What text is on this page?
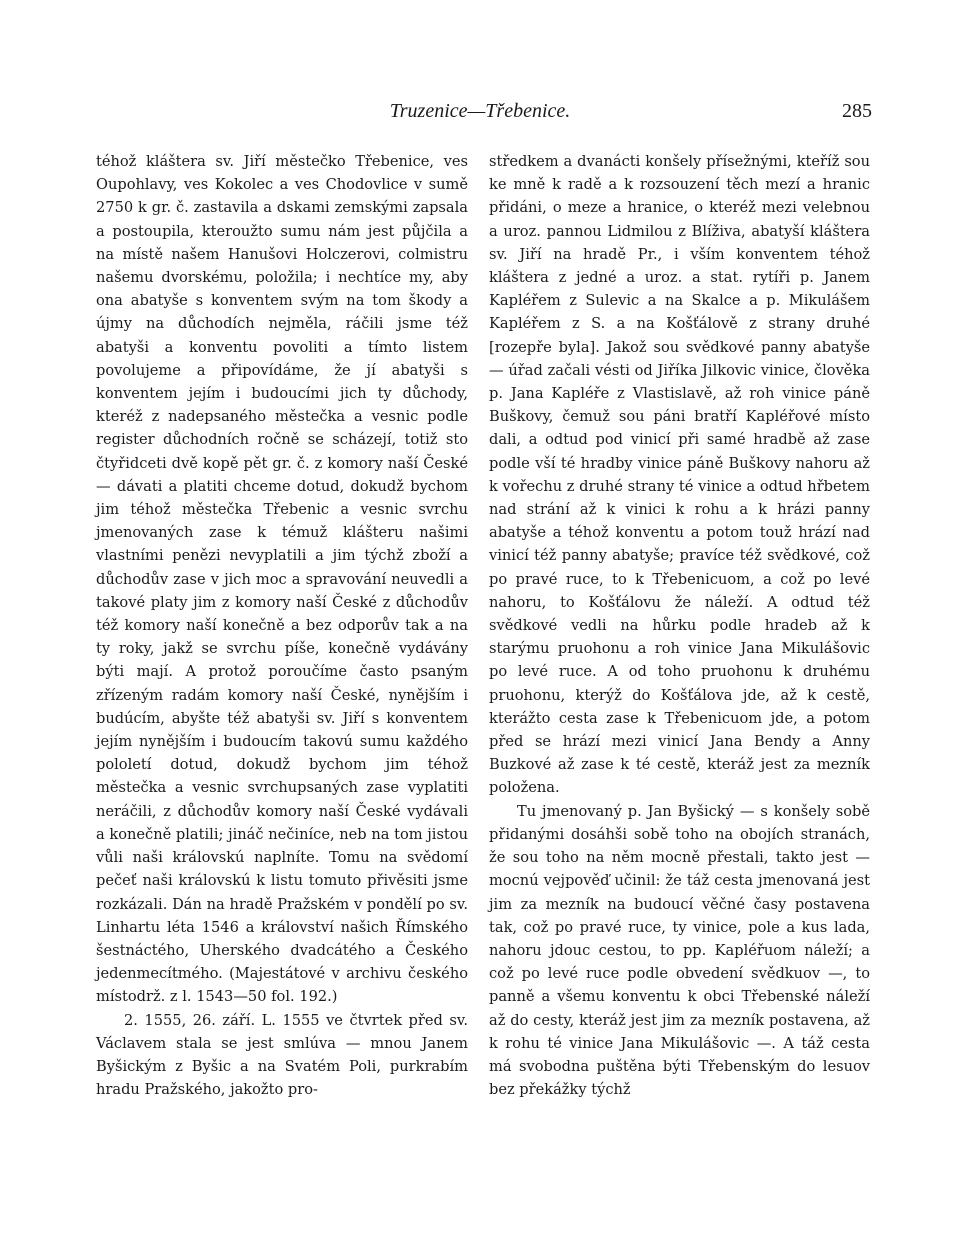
Truzenice—Třebenice.	285

téhož kláštera sv. Jiří městečko Třebenice, ves Oupohlavy, ves Kokolec a ves Chodovlice v sumě 2750 k gr. č. zastavila a dskami zemskými zapsala a postoupila, kteroužto sumu nám jest půjčila a na místě našem Hanušovi Holczerovi, colmistru našemu dvorskému, položila; i nechtíce my, aby ona abatyše s konventem svým na tom škody a újmy na důchodích nejměla, ráčili jsme též abatyši a konventu povoliti a tímto listem povolujeme a připovídáme, že jí abatyši s konventem jejím i budoucími jich ty důchody, kteréž z nadepsaného městečka a vesnic podle register důchodních ročně se scházejí, totiž sto čtyřidceti dvě kopě pět gr. č. z komory naší České — dávati a platiti chceme dotud, dokudž bychom jim téhož městečka Třebenic a vesnic svrchu jmenovaných zase k témuž klášteru našimi vlastními penězi nevyplatili a jim týchž zboží a důchodův zase v jich moc a spravování neuvedli a takové platy jim z komory naší České z důchodův též komory naší konečně a bez odporův tak a na ty roky, jakž se svrchu píše, konečně vydávány býti mají. A protož poroučíme často psaným zřízeným radám komory naší České, nynějším i budúcím, abyšte též abatyši sv. Jiří s konventem jejím nynějším i budoucím takovú sumu každého pololetí dotud, dokudž bychom jim téhož městečka a vesnic svrchupsaných zase vyplatiti neráčili, z důchodův komory naší České vydávali a konečně platili; jináč nečiníce, neb na tom jistou vůli naši královskú naplníte. Tomu na svědomí pečeť naši královskú k listu tomuto přivěsiti jsme rozkázali. Dán na hradě Pražském v pondělí po sv. Linhartu léta 1546 a království našich Římského šestnáctého, Uherského dvadcátého a Českého jedenmecítmého. (Majestátové v archivu českého místodrž. z l. 1543—50 fol. 192.)

2. 1555, 26. září. L. 1555 ve čtvrtek před sv. Václavem stala se jest smlúva — mnou Janem Byšickým z Byšic a na Svatém Poli, purkrabím hradu Pražského, jakožto pro-

středkem a dvanácti konšely přísežnými, kteříž sou ke mně k radě a k rozsouzení těch mezí a hranic přidáni, o meze a hranice, o kteréž mezi velebnou a uroz. pannou Lidmilou z Blíživa, abatyší kláštera sv. Jiří na hradě Pr., i vším konventem téhož kláštera z jedné a uroz. a stat. rytíři p. Janem Kapléřem z Sulevic a na Skalce a p. Mikulášem Kapléřem z S. a na Košťálově z strany druhé [rozepře byla]. Jakož sou svědkové panny abatyše — úřad začali vésti od Jiříka Jilkovic vinice, člověka p. Jana Kapléře z Vlastislavě, až roh vinice páně Buškovy, čemuž sou páni bratří Kapléřové místo dali, a odtud pod vinicí při samé hradbě až zase podle vší té hradby vinice páně Buškovy nahoru až k vořechu z druhé strany té vinice a odtud hřbetem nad strání až k vinici k rohu a k hrázi panny abatyše a téhož konventu a potom touž hrází nad vinicí též panny abatyše; pravíce též svědkové, což po pravé ruce, to k Třebenicuom, a což po levé nahoru, to Košťálovu že náleží. A odtud též svědkové vedli na hůrku podle hradeb až k starýmu pruohonu a roh vinice Jana Mikulášovic po levé ruce. A od toho pruohonu k druhému pruohonu, kterýž do Košťálova jde, až k cestě, kterážto cesta zase k Třebenicuom jde, a potom před se hrází mezi vinicí Jana Bendy a Anny Buzkové až zase k té cestě, kteráž jest za mezník položena.

Tu jmenovaný p. Jan Byšický — s konšely sobě přidanými dosáhši sobě toho na obojích stranách, že sou toho na něm mocně přestali, takto jest — mocnú vejpověď učinil: že táž cesta jmenovaná jest jim za mezník na budoucí věčné časy postavena tak, což po pravé ruce, ty vinice, pole a kus lada, nahoru jdouc cestou, to pp. Kapléřuom náleží; a což po levé ruce podle obvedení svědkuov —, to panně a všemu konventu k obci Třebenské náleží až do cesty, kteráž jest jim za mezník postavena, až k rohu té vinice Jana Mikulášovic —. A táž cesta má svobodna puštěna býti Třebenským do lesuov bez překážky týchž
